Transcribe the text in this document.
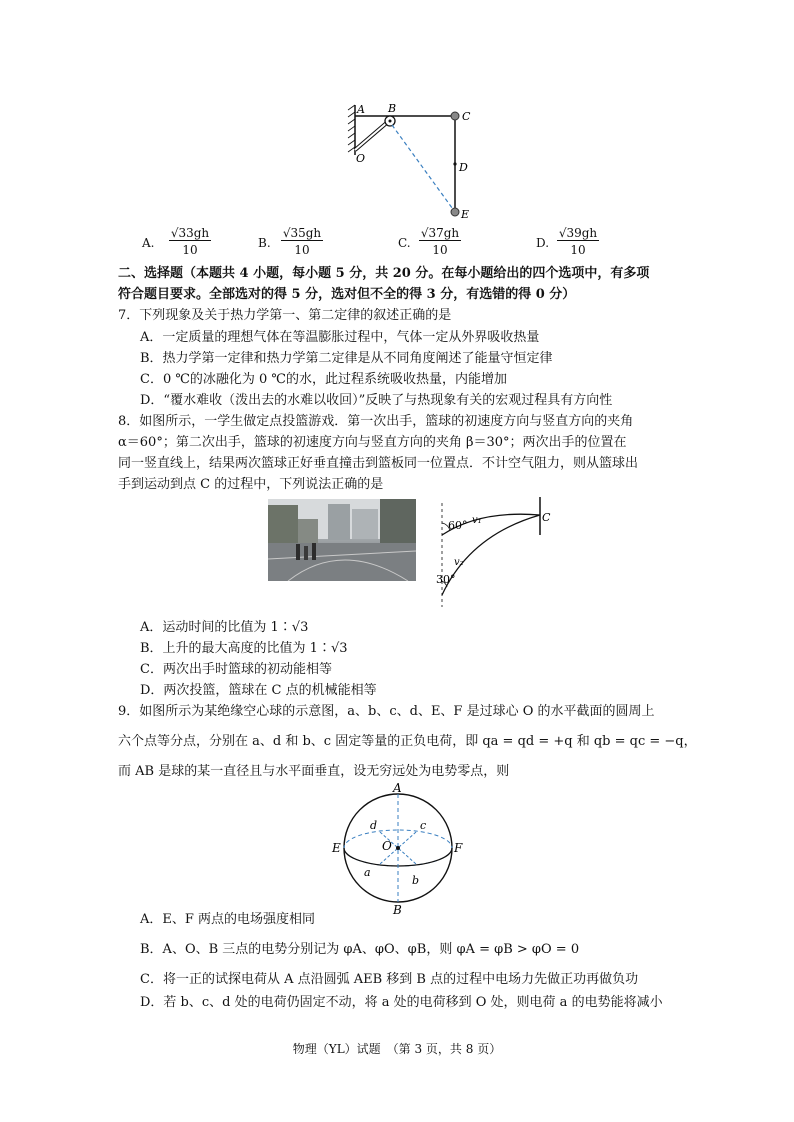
A B
C
D
O
E
A. $\frac{√33gh}{10}$	B. $\frac{√35gh}{10}$	C. $\frac{√37gh}{10}$	D.
$\frac{√39gh}{10}$
二、选择题（本题共 4 小题，每小题 5 分，共 20 分。在每小题给出的四个选项中，有多项
符合题目要求。全部选对的得 5 分，选对但不全的得 3 分，有选错的得 0 分）
7．下列现象及关于热力学第一、第二定律的叙述正确的是
A．一定质量的理想气体在等温膨胀过程中，气体一定从外界吸收热量
B．热力学第一定律和热力学第二定律是从不同角度阐述了能量守恒定律
C．0 ℃的冰融化为 0 ℃的水，此过程系统吸收热量，内能增加
D．“覆水难收（泼出去的水难以收回）”反映了与热现象有关的宏观过程具有方向性
8．如图所示，一学生做定点投篮游戏．第一次出手，篮球的初速度方向与竖直方向的夹角
α＝60°；第二次出手，篮球的初速度方向与竖直方向的夹角 β＝30°；两次出手的位置在
同一竖直线上，结果两次篮球正好垂直撞击到篮板同一位置点．不计空气阻力，则从篮球出
手到运动到点 C 的过程中，下列说法正确的是
60° v₁
v₂
30°
C
A．运动时间的比值为 1∶√3
B．上升的最大高度的比值为 1∶√3
C．两次出手时篮球的初动能相等
D．两次投篮，篮球在 C 点的机械能相等
9．如图所示为某绝缘空心球的示意图，a、b、c、d、E、F 是过球心 O 的水平截面的圆周上
六个点等分点，分别在 a、d 和 b、c 固定等量的正负电荷，即 qa = qd = +q 和 qb = qc = −q，
而 AB 是球的某一直径且与水平面垂直，设无穷远处为电势零点，则
A
B
E	F
O
d	c
a
b
A．E、F 两点的电场强度相同
B．A、O、B 三点的电势分别记为 φA、φO、φB，则 φA = φB > φO = 0
C．将一正的试探电荷从 A 点沿圆弧 AEB 移到 B 点的过程中电场力先做正功再做负功
D．若 b、c、d 处的电荷仍固定不动，将 a 处的电荷移到 O 处，则电荷 a 的电势能将减小
物理（YL）试题　（第 3 页，共 8 页）
